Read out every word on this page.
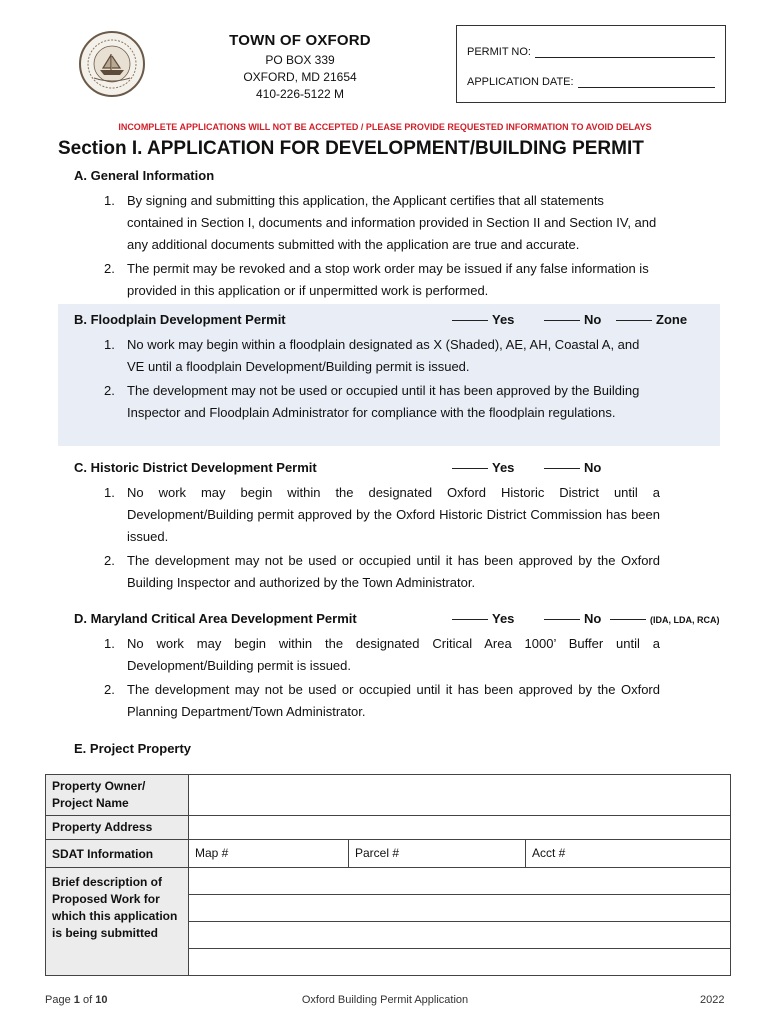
TOWN OF OXFORD
PO BOX 339
OXFORD, MD 21654
410-226-5122 M
PERMIT NO:
APPLICATION DATE:
INCOMPLETE APPLICATIONS WILL NOT BE ACCEPTED / PLEASE PROVIDE REQUESTED INFORMATION TO AVOID DELAYS
Section I. APPLICATION FOR DEVELOPMENT/BUILDING PERMIT
A. General Information
1. By signing and submitting this application, the Applicant certifies that all statements contained in Section I, documents and information provided in Section II and Section IV, and any additional documents submitted with the application are true and accurate.
2. The permit may be revoked and a stop work order may be issued if any false information is provided in this application or if unpermitted work is performed.
B. Floodplain Development Permit	Yes	No	Zone
1. No work may begin within a floodplain designated as X (Shaded), AE, AH, Coastal A, and VE until a floodplain Development/Building permit is issued.
2. The development may not be used or occupied until it has been approved by the Building Inspector and Floodplain Administrator for compliance with the floodplain regulations.
C. Historic District Development Permit	Yes	No
1. No work may begin within the designated Oxford Historic District until a Development/Building permit approved by the Oxford Historic District Commission has been issued.
2. The development may not be used or occupied until it has been approved by the Oxford Building Inspector and authorized by the Town Administrator.
D. Maryland Critical Area Development Permit	Yes	No	(IDA, LDA, RCA)
1. No work may begin within the designated Critical Area 1000’ Buffer until a Development/Building permit is issued.
2. The development may not be used or occupied until it has been approved by the Oxford Planning Department/Town Administrator.
E. Project Property
Property Owner/ Project Name			
Property Address			
SDAT Information	Map #	Parcel #	Acct #
Brief description of Proposed Work for which this application is being submitted			

Page 1 of 10	Oxford Building Permit Application	2022
